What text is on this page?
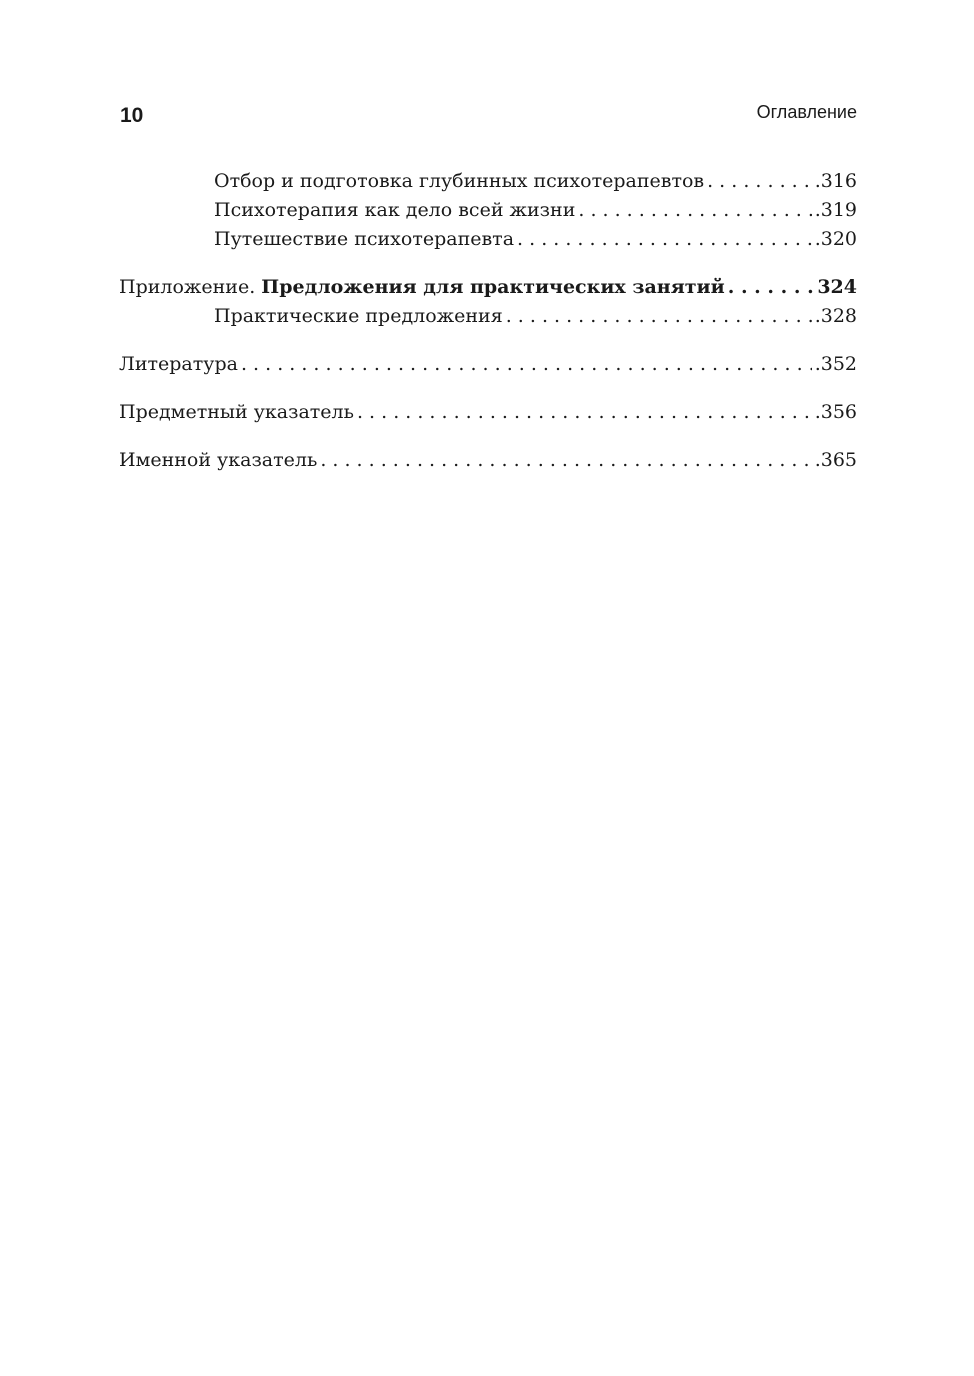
10	Оглавление
Отбор и подготовка глубинных психотерапевтов . . .	.316
Психотерапия как дело всей жизни . . .	.319
Путешествие психотерапевта . . .	.320
Приложение. Предложения для практических занятий . . .	324
Практические предложения . . .	.328
Литература . . .	.352
Предметный указатель . . .	.356
Именной указатель . . .	.365
